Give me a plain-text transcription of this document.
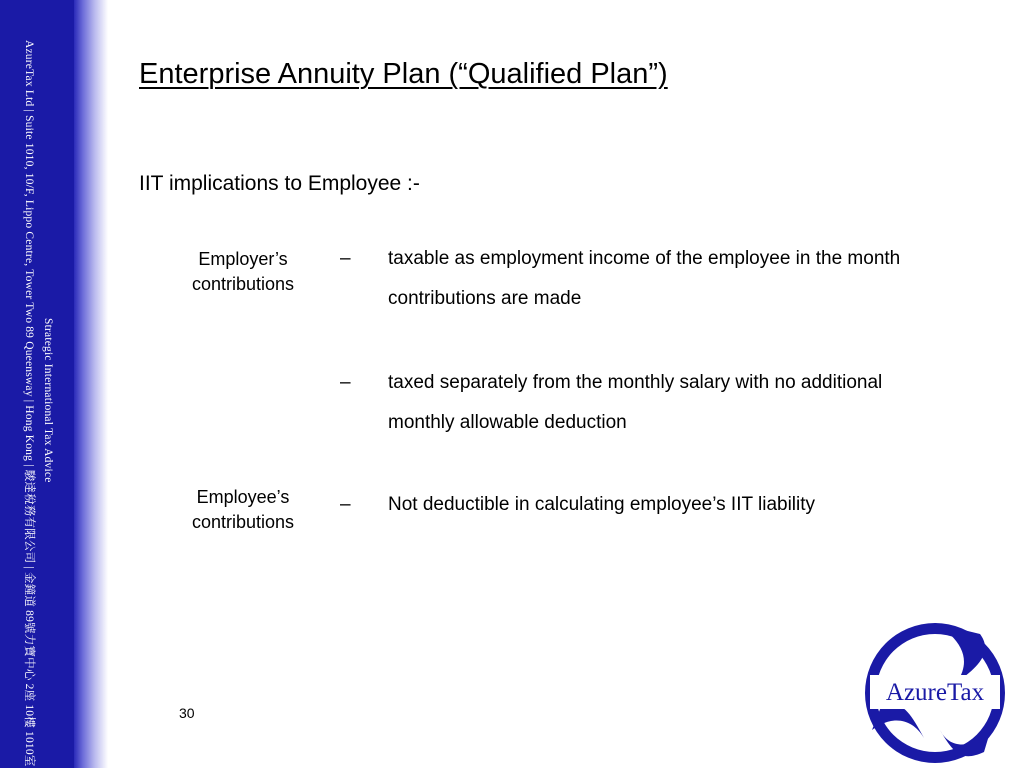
AzureTax Ltd | Suite 1010, 10/F, Lippo Centre, Tower Two 89 Queensway | Hong Kong | 駿達稅務有限公司 | 金鐘道 89號力寶中心 2座 10樓 1010室 Strategic International Tax Advice
Enterprise Annuity Plan (“Qualified Plan”)
IIT implications to Employee :-
Employer’s contributions
– taxable as employment income of the employee in the month contributions are made
– taxed separately from the monthly salary with no additional monthly allowable deduction
Employee’s contributions
– Not deductible in calculating employee’s IIT liability
30
AzureTax
